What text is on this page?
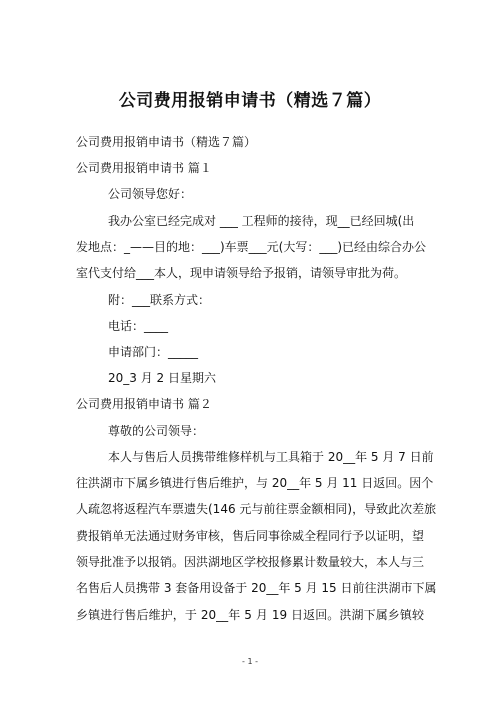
公司费用报销申请书（精选７篇）
公司费用报销申请书（精选７篇）
公司费用报销申请书 篇１
公司领导您好：
我办公室已经完成对 ___ 工程师的接待，现__已经回城(出
发地点：_——目的地：___)车票___元(大写：___)已经由综合办公
室代支付给___本人，现申请领导给予报销，请领导审批为荷。
附：___联系方式：
电话：____
申请部门：_____
20_3 月 2 日星期六
公司费用报销申请书 篇２
尊敬的公司领导：
本人与售后人员携带维修样机与工具箱于 20__年 5 月 7 日前
往洪湖市下属乡镇进行售后维护，与 20__年 5 月 11 日返回。因个
人疏忽将返程汽车票遗失(146 元与前往票金额相同)，导致此次差旅
费报销单无法通过财务审核，售后同事徐威全程同行予以证明，望
领导批准予以报销。因洪湖地区学校报修累计数量较大，本人与三
名售后人员携带 3 套备用设备于 20__年 5 月 15 日前往洪湖市下属
乡镇进行售后维护，于 20__年 5 月 19 日返回。洪湖下属乡镇较
- 1 -
